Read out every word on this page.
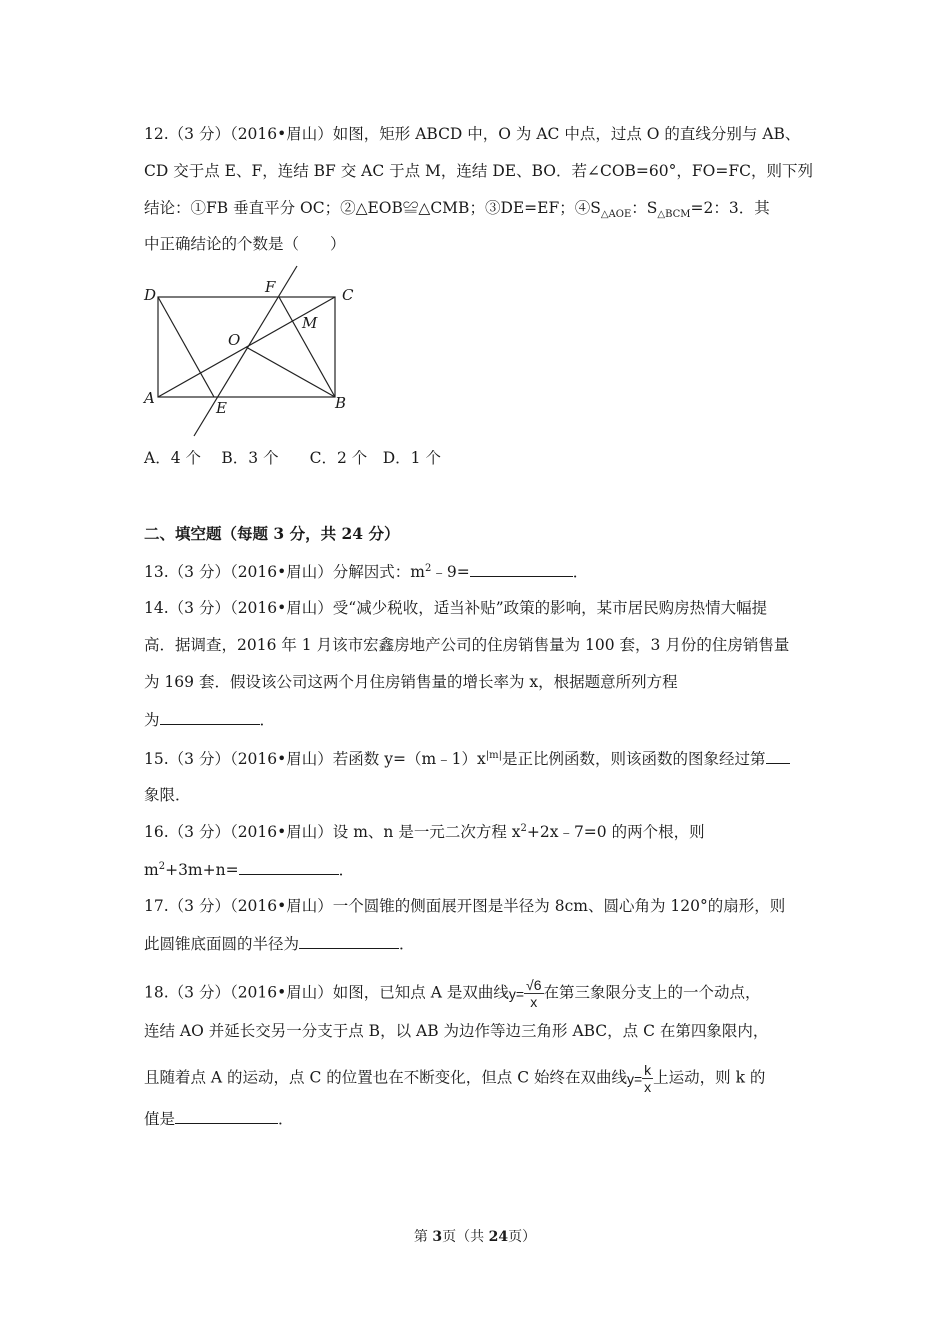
12.（3 分）（2016•眉山）如图，矩形 ABCD 中，O 为 AC 中点，过点 O 的直线分别与 AB、
CD 交于点 E、F，连结 BF 交 AC 于点 M，连结 DE、BO．若∠COB=60°，FO=FC，则下列
结论：①FB 垂直平分 OC；②△EOB≌△CMB；③DE=EF；$④S_{\triangle AOE}$：$S_{\triangle BCM}=2$：3．其
中正确结论的个数是（　　）
D	F	C
M
O
A
E	B
A．4 个　 B．3 个　　C．2 个　D．1 个
二、填空题（每题 3 分，共 24 分）
13.（3 分）（2016•眉山）分解因式：$m^2﹣9=$	．
14.（3 分）（2016•眉山）受“减少税收，适当补贴”政策的影响，某市居民购房热情大幅提
高．据调查，2016 年 1 月该市宏鑫房地产公司的住房销售量为 100 套，3 月份的住房销售量
为 169 套．假设该公司这两个月住房销售量的增长率为 x，根据题意所列方程
为	．
15.（3 分）（2016•眉山）若函数 $y=(m﹣1)x^{|m|}$是正比例函数，则该函数的图象经过第
象限．
16.（3 分）（2016•眉山）设 m、n 是一元二次方程 $x^2+2x﹣7=0$ 的两个根，则
$m^2+3m+n=$	．
17.（3 分）（2016•眉山）一个圆锥的侧面展开图是半径为 8cm、圆心角为 120°的扇形，则
此圆锥底面圆的半径为	．
18.（3 分）（2016•眉山）如图，已知点 A 是双曲线$y= \frac{√6}{x}$ 在第三象限分支上的一个动点，
连结 AO 并延长交另一分支于点 B，以 AB 为边作等边三角形 ABC，点 C 在第四象限内，
且随着点 A 的运动，点 C 的位置也在不断变化，但点 C 始终在双曲线$y= \frac{k}{x}$ 上运动，则 k 的
值是	．
第 3页（共 24页）
